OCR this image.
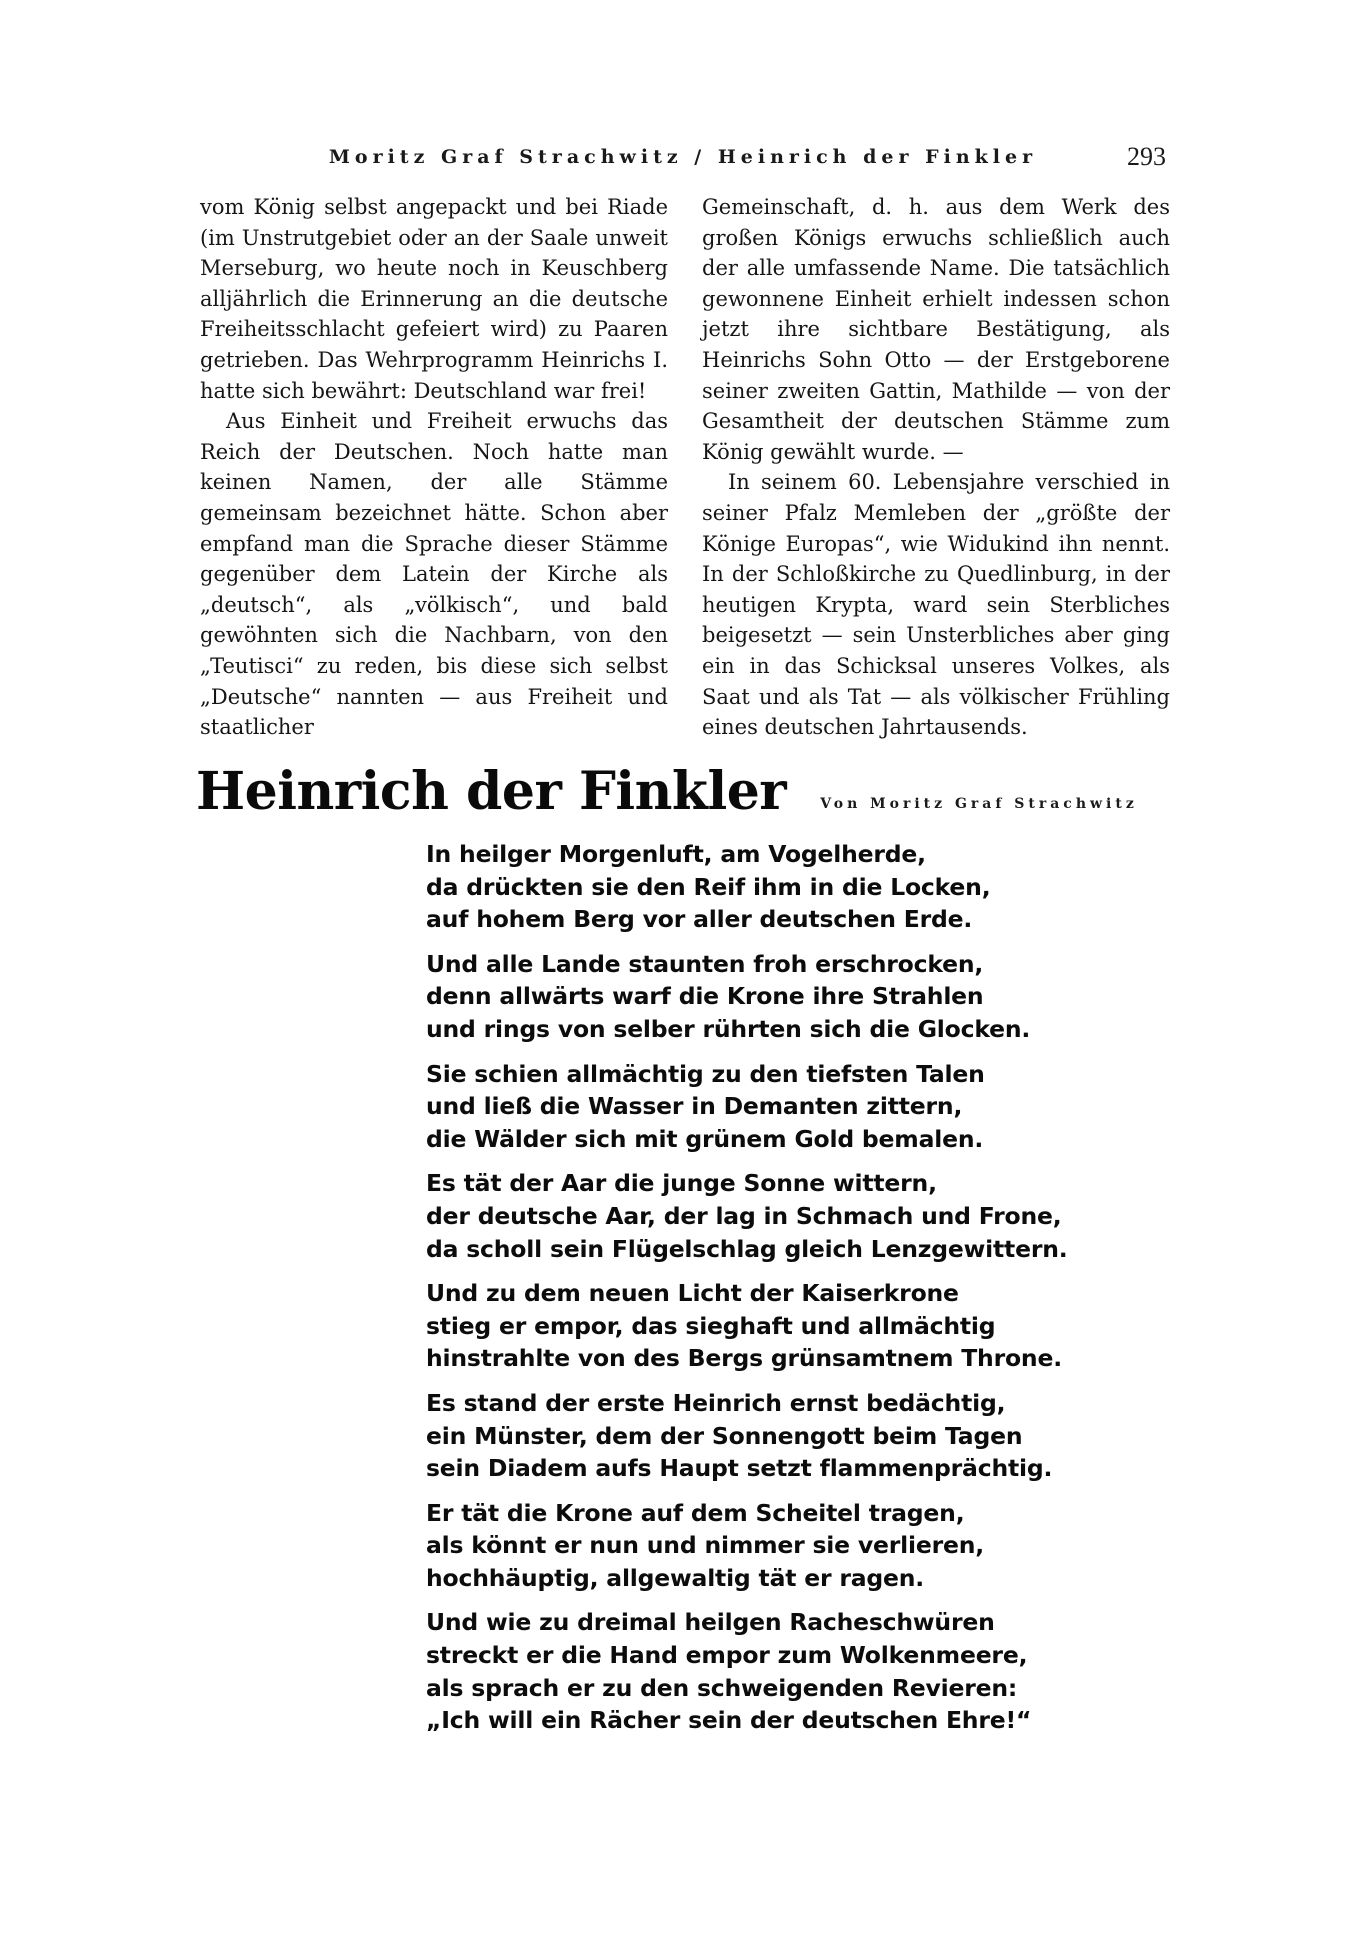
Moritz Graf Strachwitz / Heinrich der Finkler	293

vom König selbst angepackt und bei Riade (im Unstrutgebiet oder an der Saale unweit Merseburg, wo heute noch in Keuschberg alljährlich die Erinnerung an die deutsche Freiheitsschlacht gefeiert wird) zu Paaren getrieben. Das Wehrprogramm Heinrichs I. hatte sich bewährt: Deutschland war frei!

Aus Einheit und Freiheit erwuchs das Reich der Deutschen. Noch hatte man keinen Namen, der alle Stämme gemeinsam bezeichnet hätte. Schon aber empfand man die Sprache dieser Stämme gegenüber dem Latein der Kirche als „deutsch“, als „völkisch“, und bald gewöhnten sich die Nachbarn, von den „Teutisci“ zu reden, bis diese sich selbst „Deutsche“ nannten — aus Freiheit und staatlicher

Gemeinschaft, d. h. aus dem Werk des großen Königs erwuchs schließlich auch der alle umfassende Name. Die tatsächlich gewonnene Einheit erhielt indessen schon jetzt ihre sichtbare Bestätigung, als Heinrichs Sohn Otto — der Erstgeborene seiner zweiten Gattin, Mathilde — von der Gesamtheit der deutschen Stämme zum König gewählt wurde. —

In seinem 60. Lebensjahre verschied in seiner Pfalz Memleben der „größte der Könige Europas“, wie Widukind ihn nennt. In der Schloßkirche zu Quedlinburg, in der heutigen Krypta, ward sein Sterbliches beigesetzt — sein Unsterbliches aber ging ein in das Schicksal unseres Volkes, als Saat und als Tat — als völkischer Frühling eines deutschen Jahrtausends.

Heinrich der Finkler Von Moritz Graf Strachwitz
In heilger Morgenluft, am Vogelherde,
da drückten sie den Reif ihm in die Locken,
auf hohem Berg vor aller deutschen Erde.
Und alle Lande staunten froh erschrocken,
denn allwärts warf die Krone ihre Strahlen
und rings von selber rührten sich die Glocken.
Sie schien allmächtig zu den tiefsten Talen
und ließ die Wasser in Demanten zittern,
die Wälder sich mit grünem Gold bemalen.
Es tät der Aar die junge Sonne wittern,
der deutsche Aar, der lag in Schmach und Frone,
da scholl sein Flügelschlag gleich Lenzgewittern.
Und zu dem neuen Licht der Kaiserkrone
stieg er empor, das sieghaft und allmächtig
hinstrahlte von des Bergs grünsamtnem Throne.
Es stand der erste Heinrich ernst bedächtig,
ein Münster, dem der Sonnengott beim Tagen
sein Diadem aufs Haupt setzt flammenprächtig.
Er tät die Krone auf dem Scheitel tragen,
als könnt er nun und nimmer sie verlieren,
hochhäuptig, allgewaltig tät er ragen.
Und wie zu dreimal heilgen Racheschwüren
streckt er die Hand empor zum Wolkenmeere,
als sprach er zu den schweigenden Revieren:
„Ich will ein Rächer sein der deutschen Ehre!“
